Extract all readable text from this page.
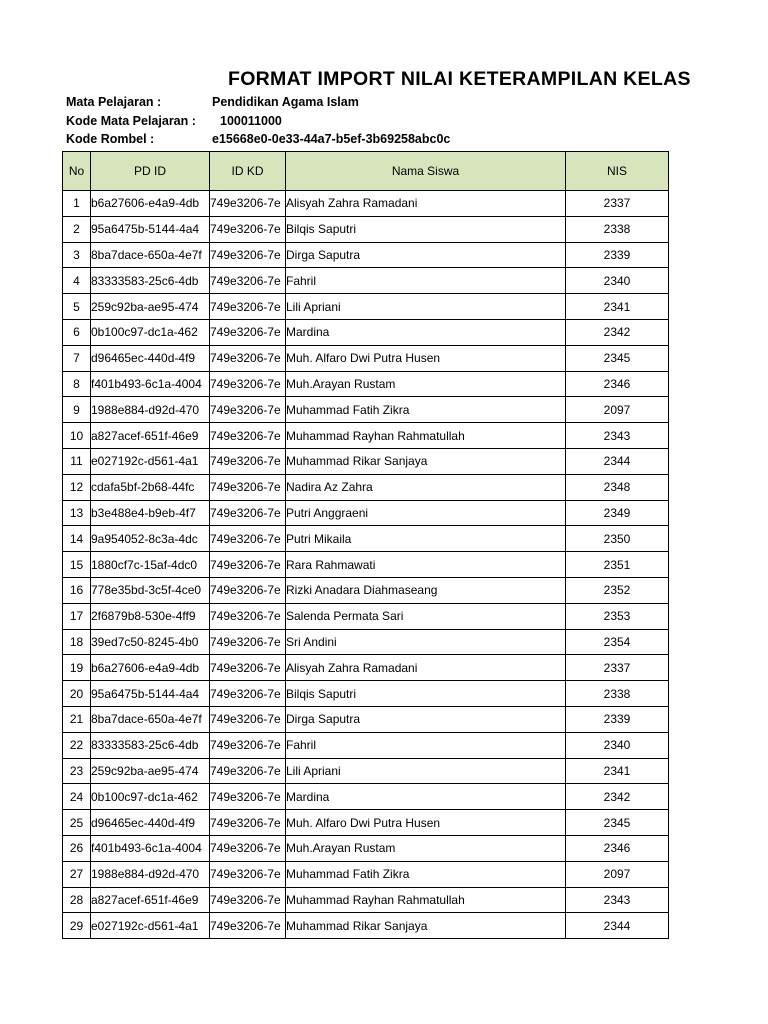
FORMAT IMPORT NILAI KETERAMPILAN KELAS
Mata Pelajaran :	Pendidikan Agama Islam
Kode Mata Pelajaran : 100011000
Kode Rombel :	e15668e0-0e33-44a7-b5ef-3b69258abc0c
No	PD ID	ID KD	Nama Siswa	NIS
1	b6a27606-e4a9-4db	749e3206-7e	Alisyah Zahra Ramadani	2337
2	95a6475b-5144-4a4	749e3206-7e	Bilqis Saputri	2338
3	8ba7dace-650a-4e7f	749e3206-7e	Dirga Saputra	2339
4	83333583-25c6-4db	749e3206-7e	Fahril	2340
5	259c92ba-ae95-474	749e3206-7e	Lili Apriani	2341
6	0b100c97-dc1a-462	749e3206-7e	Mardina	2342
7	d96465ec-440d-4f9	749e3206-7e	Muh. Alfaro Dwi Putra Husen	2345
8	f401b493-6c1a-4004	749e3206-7e	Muh.Arayan Rustam	2346
9	1988e884-d92d-470	749e3206-7e	Muhammad Fatih Zikra	2097
10	a827acef-651f-46e9	749e3206-7e	Muhammad Rayhan Rahmatullah	2343
11	e027192c-d561-4a1	749e3206-7e	Muhammad Rikar Sanjaya	2344
12	cdafa5bf-2b68-44fc	749e3206-7e	Nadira Az Zahra	2348
13	b3e488e4-b9eb-4f7	749e3206-7e	Putri Anggraeni	2349
14	9a954052-8c3a-4dc	749e3206-7e	Putri Mikaila	2350
15	1880cf7c-15af-4dc0	749e3206-7e	Rara Rahmawati	2351
16	778e35bd-3c5f-4ce0	749e3206-7e	Rizki Anadara Diahmaseang	2352
17	2f6879b8-530e-4ff9	749e3206-7e	Salenda Permata Sari	2353
18	39ed7c50-8245-4b0	749e3206-7e	Sri Andini	2354
19	b6a27606-e4a9-4db	749e3206-7e	Alisyah Zahra Ramadani	2337
20	95a6475b-5144-4a4	749e3206-7e	Bilqis Saputri	2338
21	8ba7dace-650a-4e7f	749e3206-7e	Dirga Saputra	2339
22	83333583-25c6-4db	749e3206-7e	Fahril	2340
23	259c92ba-ae95-474	749e3206-7e	Lili Apriani	2341
24	0b100c97-dc1a-462	749e3206-7e	Mardina	2342
25	d96465ec-440d-4f9	749e3206-7e	Muh. Alfaro Dwi Putra Husen	2345
26	f401b493-6c1a-4004	749e3206-7e	Muh.Arayan Rustam	2346
27	1988e884-d92d-470	749e3206-7e	Muhammad Fatih Zikra	2097
28	a827acef-651f-46e9	749e3206-7e	Muhammad Rayhan Rahmatullah	2343
29	e027192c-d561-4a1	749e3206-7e	Muhammad Rikar Sanjaya	2344
